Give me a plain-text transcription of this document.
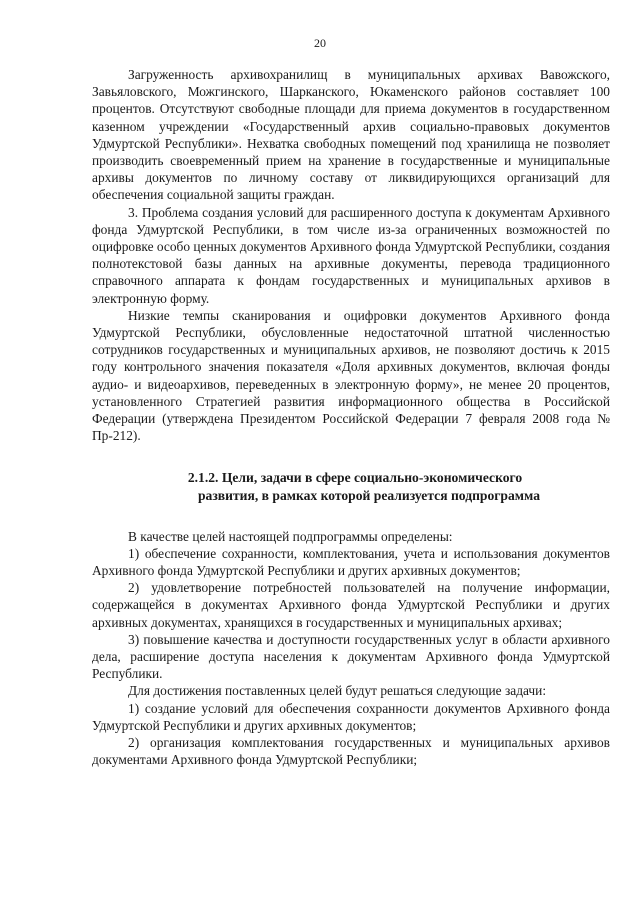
20

Загруженность архивохранилищ в муниципальных архивах Вавожского, Завьяловского, Можгинского, Шарканского, Юкаменского районов составляет 100 процентов. Отсутствуют свободные площади для приема документов в государственном казенном учреждении «Государственный архив социально-правовых документов Удмуртской Республики». Нехватка свободных помещений под хранилища не позволяет производить своевременный прием на хранение в государственные и муниципальные архивы документов по личному составу от ликвидирующихся организаций для обеспечения социальной защиты граждан.

3. Проблема создания условий для расширенного доступа к документам Архивного фонда Удмуртской Республики, в том числе из-за ограниченных возможностей по оцифровке особо ценных документов Архивного фонда Удмуртской Республики, создания полнотекстовой базы данных на архивные документы, перевода традиционного справочного аппарата к фондам государственных и муниципальных архивов в электронную форму.

Низкие темпы сканирования и оцифровки документов Архивного фонда Удмуртской Республики, обусловленные недостаточной штатной численностью сотрудников государственных и муниципальных архивов, не позволяют достичь к 2015 году контрольного значения показателя «Доля архивных документов, включая фонды аудио- и видеоархивов, переведенных в электронную форму», не менее 20 процентов, установленного Стратегией развития информационного общества в Российской Федерации (утверждена Президентом Российской Федерации 7 февраля 2008 года № Пр-212).

2.1.2. Цели, задачи в сфере социально-экономического
развития, в рамках которой реализуется подпрограмма

В качестве целей настоящей подпрограммы определены:

1) обеспечение сохранности, комплектования, учета и использования документов Архивного фонда Удмуртской Республики и других архивных документов;

2) удовлетворение потребностей пользователей на получение информации, содержащейся в документах Архивного фонда Удмуртской Республики и других архивных документах, хранящихся в государственных и муниципальных архивах;

3) повышение качества и доступности государственных услуг в области архивного дела, расширение доступа населения к документам Архивного фонда Удмуртской Республики.

Для достижения поставленных целей будут решаться следующие задачи:

1) создание условий для обеспечения сохранности документов Архивного фонда Удмуртской Республики и других архивных документов;

2) организация комплектования государственных и муниципальных архивов документами Архивного фонда Удмуртской Республики;
